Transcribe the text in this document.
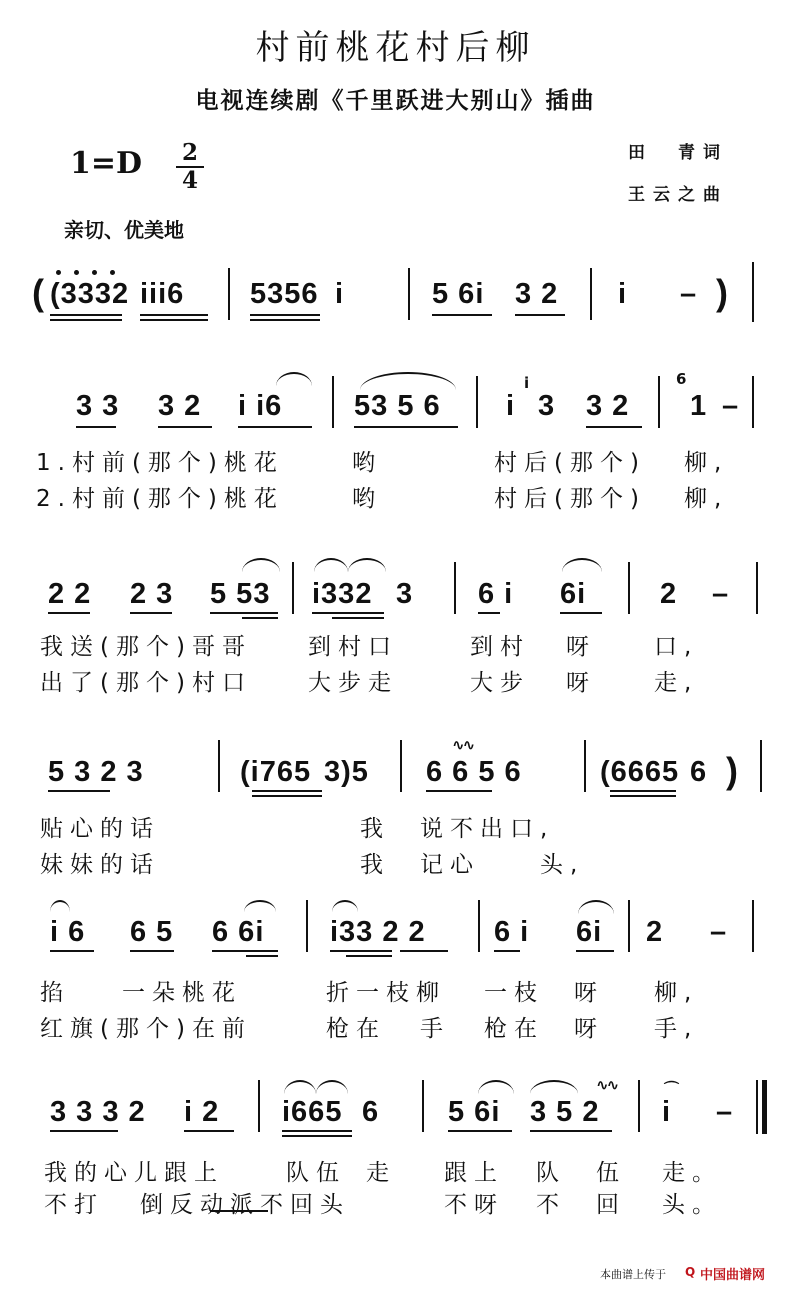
村前桃花村后柳
电视连续剧《千里跃进大别山》插曲
田　青词
王云之曲
1=D 2
4
亲切、优美地
( (3332 iii6 5356 i	5 6i 3 2 i – )
3 3 3 2 i i6 53 5 6 i
i
3 3 2
6
1 –
1.村前(那个)桃花	哟	村后(那个) 柳,
2.村前(那个)桃花	哟	村后(那个) 柳,
2 2 2 3 5 53 i332 3 6 i 6i	2 –
我送(那个)哥哥 到村口	到村 呀	口,
出了(那个)村口 大步走	大步 呀	走,
5 3 2 3	(i765 3)5
∿∿
6 6 5 6	(6665 6 )
贴心的话	我 说不出口,
妹妹的话	我 记心	头,
i 6 6 5 6 6i i33 2 2 6 i 6i 2 –
掐 一朵桃花	折一枝柳 一枝 呀 柳,
红旗(那个)在前	枪在 手 枪在 呀 手,
3 3 3 2 i 2 i665 6 5 6i 3 5 2
∿∿
i
⌒
–
我的心儿跟上	队伍 走 跟上 队 伍 走。
不打 倒反动派不回头	不呀 不 回 头。
本曲谱上传于 Q 中国曲谱网
